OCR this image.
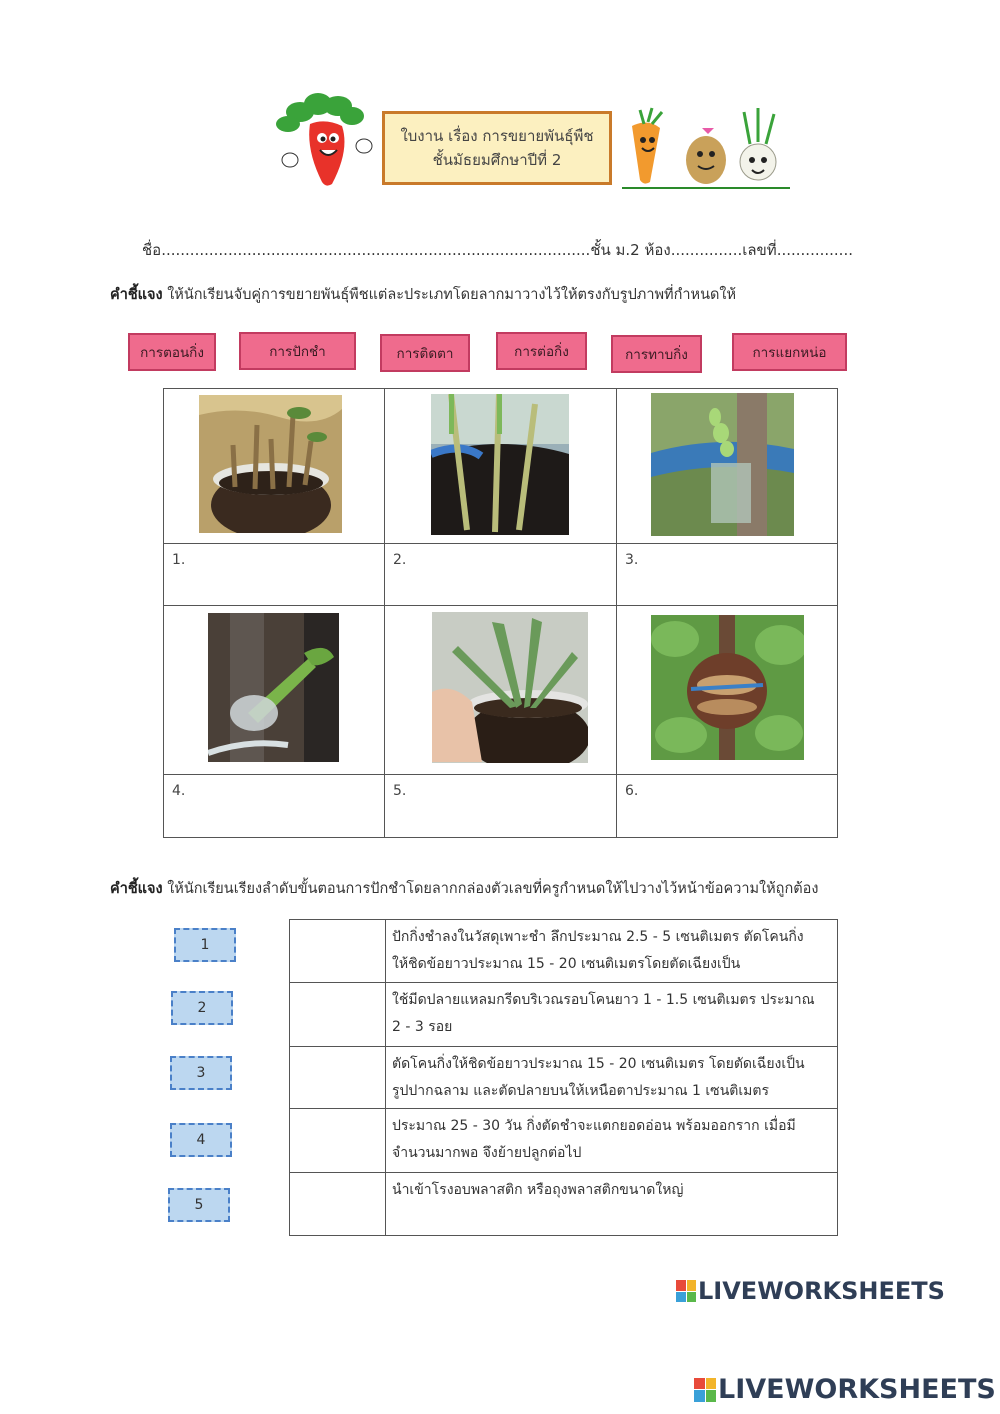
ใบงาน เรื่อง การขยายพันธุ์พืช
ชั้นมัธยมศึกษาปีที่ 2
ชื่อ..........................................................................................ชั้น ม.2 ห้อง...............เลขที่................
คำชี้แจง ให้นักเรียนจับคู่การขยายพันธุ์พืชแต่ละประเภทโดยลากมาวางไว้ให้ตรงกับรูปภาพที่กำหนดให้
การตอนกิ่ง	การปักชำ	การติดตา	การต่อกิ่ง	การทาบกิ่ง	การแยกหน่อ
1.	2.	3.
4.	5.	6.
คำชี้แจง ให้นักเรียนเรียงลำดับขั้นตอนการปักชำโดยลากกล่องตัวเลขที่ครูกำหนดให้ไปวางไว้หน้าข้อความให้ถูกต้อง
1
2
3
4
5
ปักกิ่งชำลงในวัสดุเพาะชำ ลึกประมาณ 2.5 - 5 เซนติเมตร ตัดโคนกิ่ง
ให้ชิดข้อยาวประมาณ 15 - 20 เซนติเมตรโดยตัดเฉียงเป็น
ใช้มีดปลายแหลมกรีดบริเวณรอบโคนยาว 1 - 1.5 เซนติเมตร ประมาณ
2 - 3 รอย
ตัดโคนกิ่งให้ชิดข้อยาวประมาณ 15 - 20 เซนติเมตร โดยตัดเฉียงเป็น
รูปปากฉลาม และตัดปลายบนให้เหนือตาประมาณ 1 เซนติเมตร
ประมาณ 25 - 30 วัน กิ่งตัดชำจะแตกยอดอ่อน พร้อมออกราก เมื่อมี
จำนวนมากพอ จึงย้ายปลูกต่อไป
นำเข้าโรงอบพลาสติก หรือถุงพลาสติกขนาดใหญ่
LIVEWORKSHEETS
LIVEWORKSHEETS
